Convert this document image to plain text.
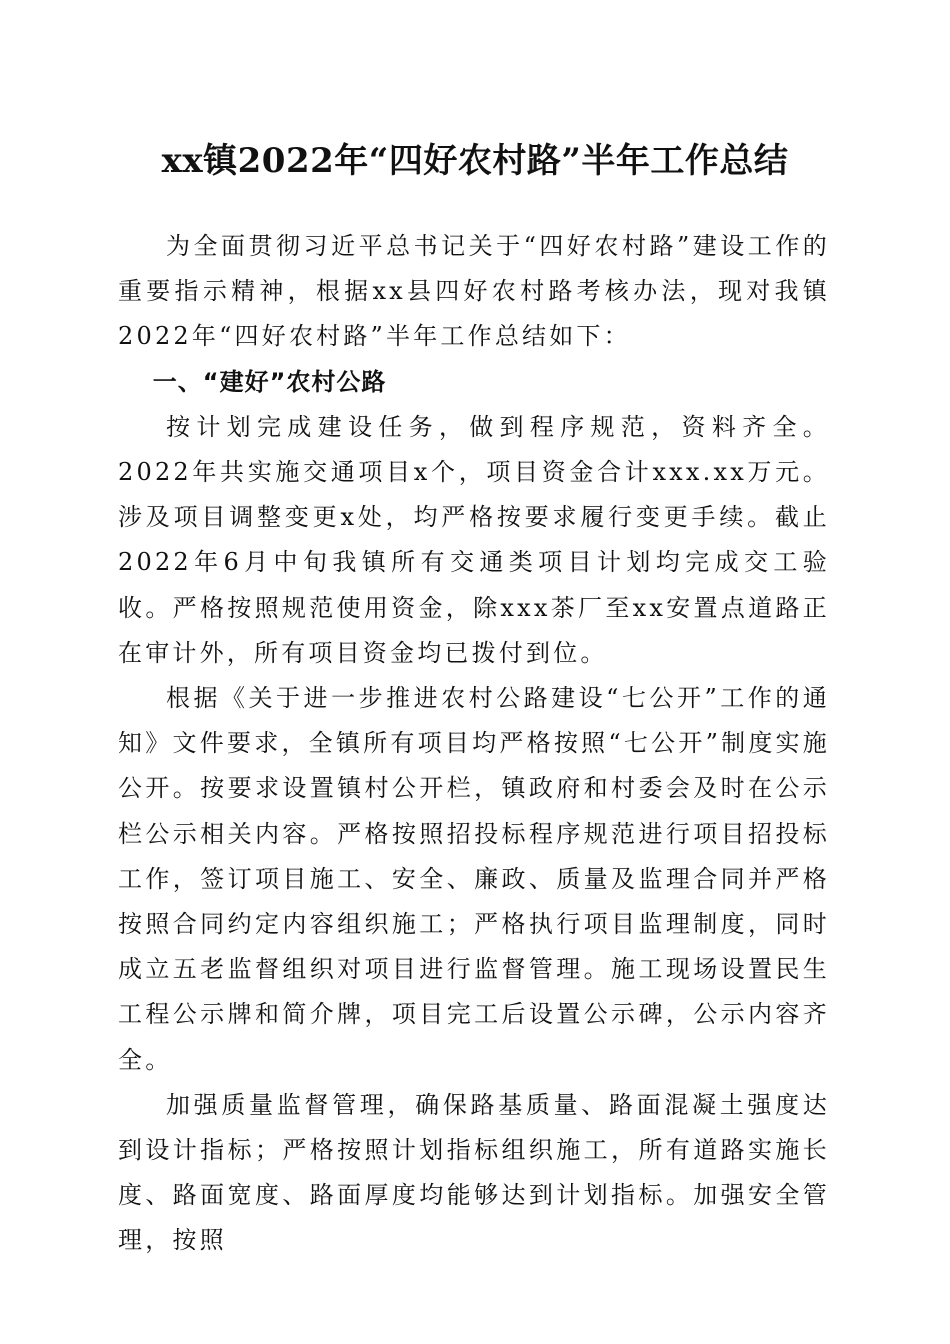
xx镇2022年“四好农村路”半年工作总结

为全面贯彻习近平总书记关于“四好农村路”建设工作的重要指示精神，根据xx县四好农村路考核办法，现对我镇2022年“四好农村路”半年工作总结如下：

一、“建好”农村公路

按计划完成建设任务，做到程序规范，资料齐全。2022年共实施交通项目x个，项目资金合计xxx.xx万元。涉及项目调整变更x处，均严格按要求履行变更手续。截止2022年6月中旬我镇所有交通类项目计划均完成交工验收。严格按照规范使用资金，除xxx茶厂至xx安置点道路正在审计外，所有项目资金均已拨付到位。

根据《关于进一步推进农村公路建设“七公开”工作的通知》文件要求，全镇所有项目均严格按照“七公开”制度实施公开。按要求设置镇村公开栏，镇政府和村委会及时在公示栏公示相关内容。严格按照招投标程序规范进行项目招投标工作，签订项目施工、安全、廉政、质量及监理合同并严格按照合同约定内容组织施工；严格执行项目监理制度，同时成立五老监督组织对项目进行监督管理。施工现场设置民生工程公示牌和简介牌，项目完工后设置公示碑，公示内容齐全。

加强质量监督管理，确保路基质量、路面混凝土强度达到设计指标；严格按照计划指标组织施工，所有道路实施长度、路面宽度、路面厚度均能够达到计划指标。加强安全管理，按照
